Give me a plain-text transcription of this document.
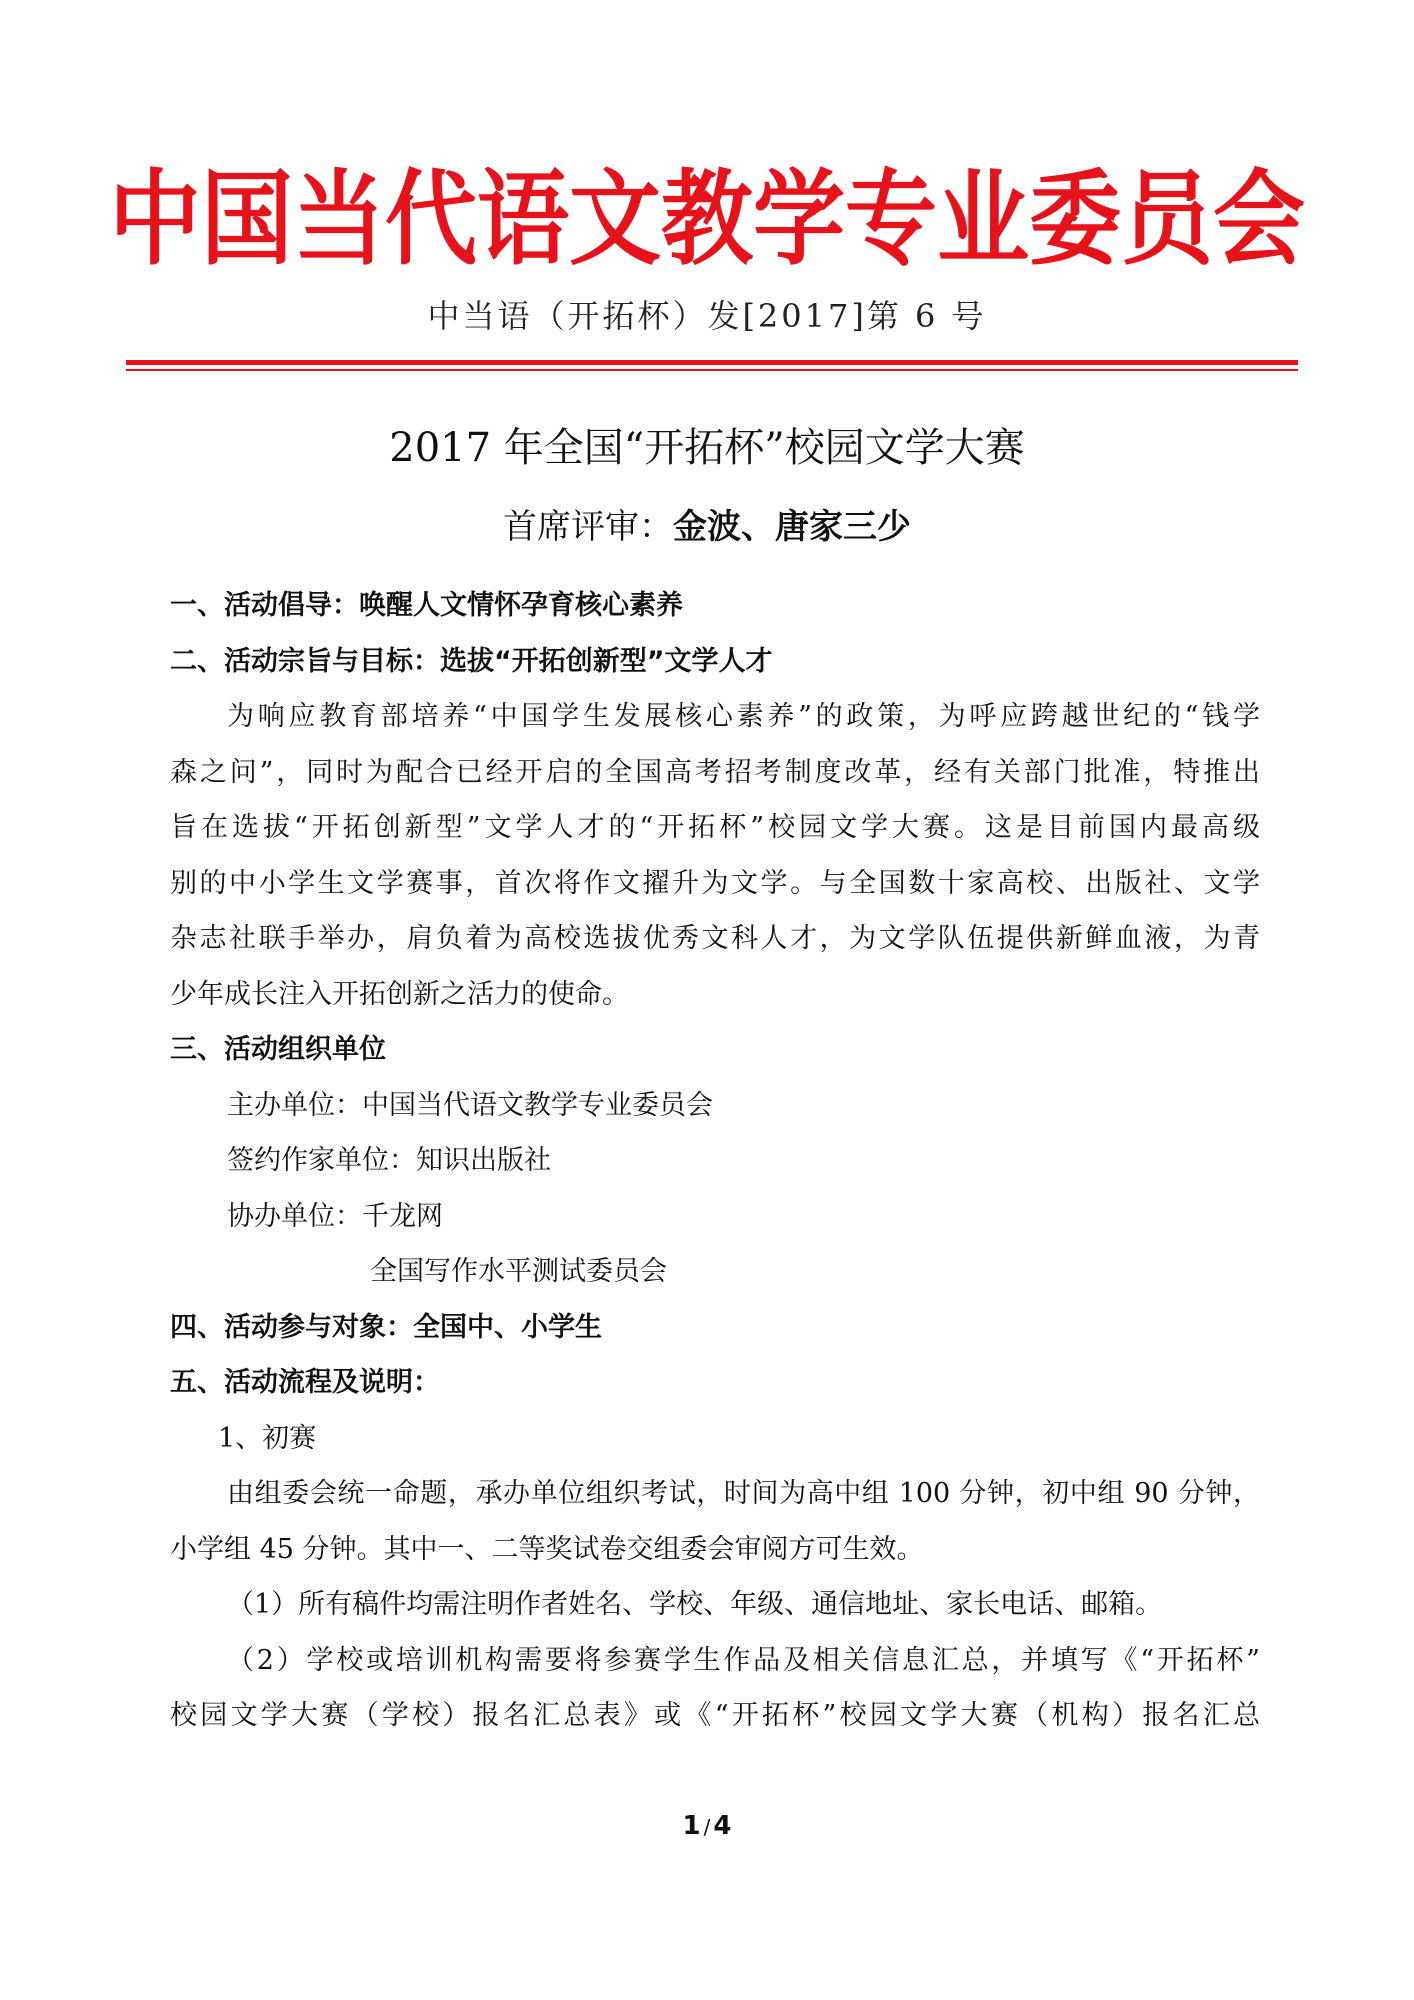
中国当代语文教学专业委员会
中当语（开拓杯）发[2017]第 6 号
2017 年全国“开拓杯”校园文学大赛
首席评审：金波、唐家三少
一、活动倡导：唤醒人文情怀孕育核心素养
二、活动宗旨与目标：选拔“开拓创新型”文学人才
为响应教育部培养“中国学生发展核心素养”的政策，为呼应跨越世纪的“钱学
森之问”，同时为配合已经开启的全国高考招考制度改革，经有关部门批准，特推出
旨在选拔“开拓创新型”文学人才的“开拓杯”校园文学大赛。这是目前国内最高级
别的中小学生文学赛事，首次将作文擢升为文学。与全国数十家高校、出版社、文学
杂志社联手举办，肩负着为高校选拔优秀文科人才，为文学队伍提供新鲜血液，为青
少年成长注入开拓创新之活力的使命。
三、活动组织单位
主办单位：中国当代语文教学专业委员会
签约作家单位：知识出版社
协办单位：千龙网
全国写作水平测试委员会
四、活动参与对象：全国中、小学生
五、活动流程及说明：
1、初赛
由组委会统一命题，承办单位组织考试，时间为高中组 100 分钟，初中组 90 分钟，
小学组 45 分钟。其中一、二等奖试卷交组委会审阅方可生效。
（1）所有稿件均需注明作者姓名、学校、年级、通信地址、家长电话、邮箱。
（2）学校或培训机构需要将参赛学生作品及相关信息汇总，并填写《“开拓杯”
校园文学大赛（学校）报名汇总表》或《“开拓杯”校园文学大赛（机构）报名汇总
1 / 4
